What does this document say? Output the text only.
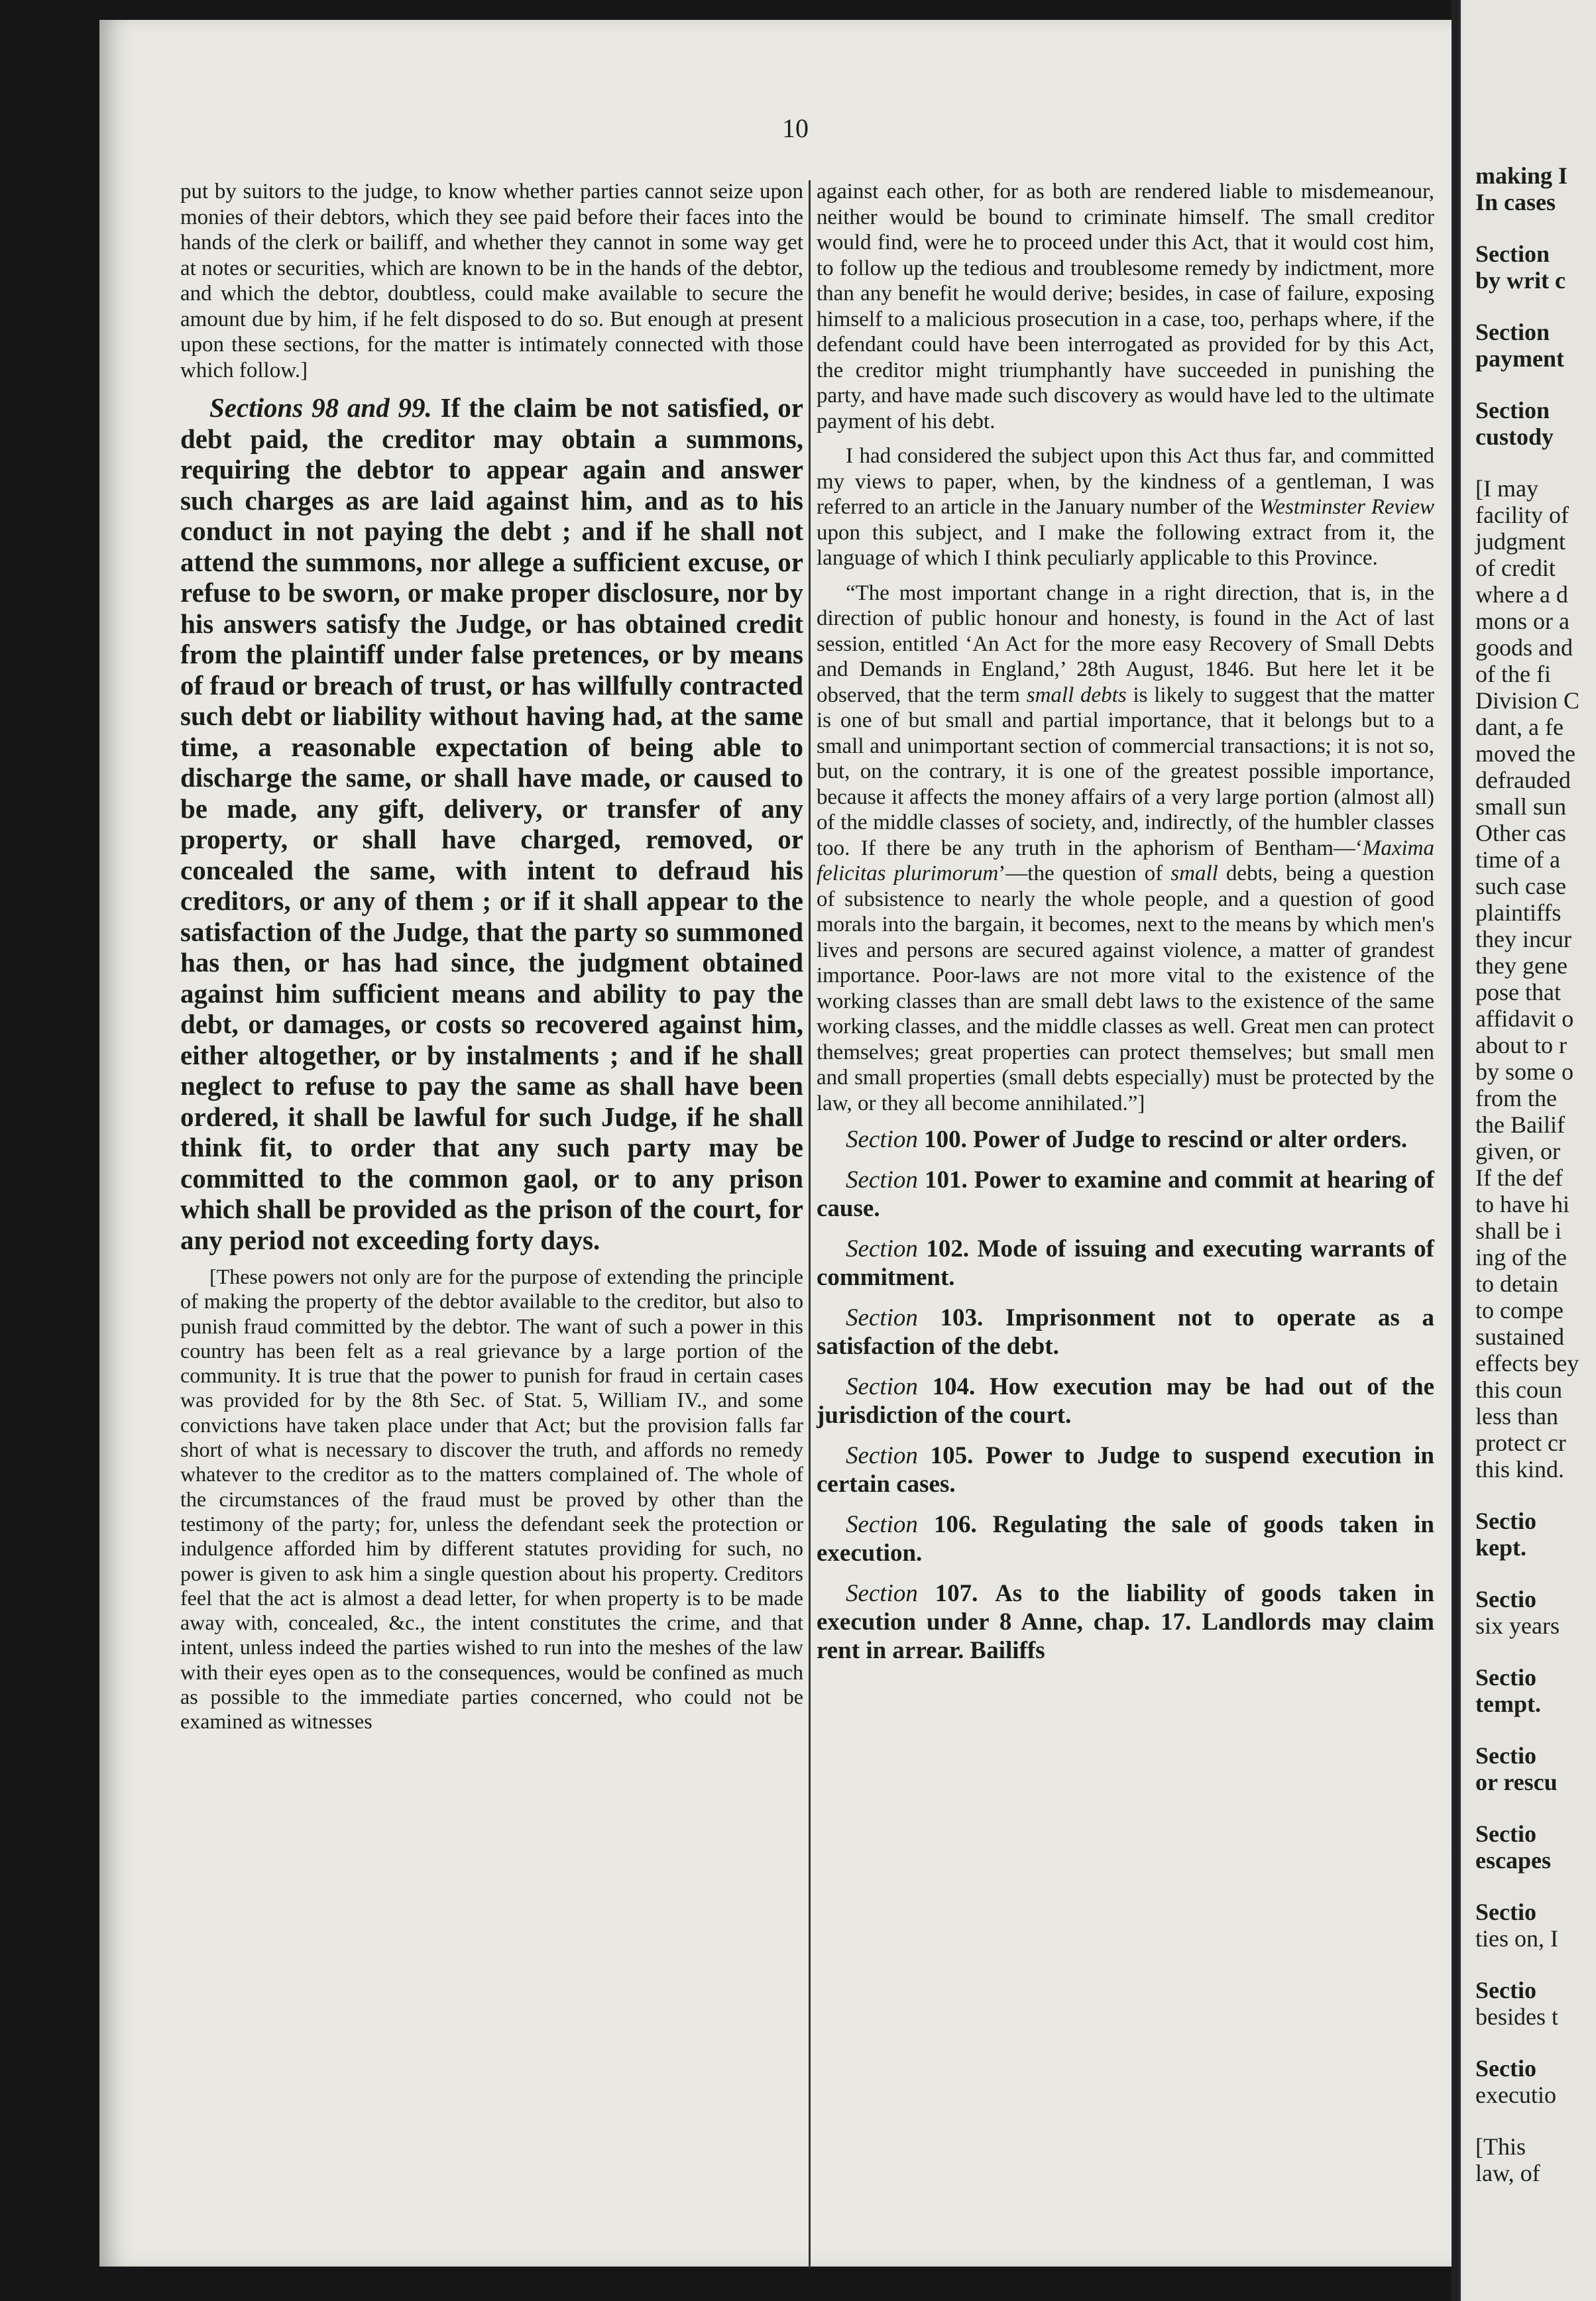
making I
In cases
Section
by writ c
Section
payment
Section
custody
[I may
facility of
judgment
of credit
where a d
mons or a
goods and
of the fi
Division C
dant, a fe
moved the
defrauded
small sun
Other cas
time of a
such case
plaintiffs
they incur
they gene
pose that
affidavit o
about to r
by some o
from the
the Bailif
given, or
If the def
to have hi
shall be i
ing of the
to detain
to compe
sustained
effects bey
this coun
less than
protect cr
this kind.
Sectio
kept.
Sectio
six years
Sectio
tempt.
Sectio
or rescu
Sectio
escapes
Sectio
ties on, I
Sectio
besides t
Sectio
executio
[This
law, of
10

put by suitors to the judge, to know whether parties cannot seize upon monies of their debtors, which they see paid before their faces into the hands of the clerk or bailiff, and whether they cannot in some way get at notes or securities, which are known to be in the hands of the debtor, and which the debtor, doubtless, could make available to secure the amount due by him, if he felt disposed to do so. But enough at present upon these sections, for the matter is intimately connected with those which follow.]

Sections 98 and 99. If the claim be not satisfied, or debt paid, the creditor may obtain a summons, requiring the debtor to appear again and answer such charges as are laid against him, and as to his conduct in not paying the debt ; and if he shall not attend the summons, nor allege a sufficient excuse, or refuse to be sworn, or make proper disclosure, nor by his answers satisfy the Judge, or has obtained credit from the plaintiff under false pretences, or by means of fraud or breach of trust, or has willfully contracted such debt or liability without having had, at the same time, a reasonable expectation of being able to discharge the same, or shall have made, or caused to be made, any gift, delivery, or transfer of any property, or shall have charged, removed, or concealed the same, with intent to defraud his creditors, or any of them ; or if it shall appear to the satisfaction of the Judge, that the party so summoned has then, or has had since, the judgment obtained against him sufficient means and ability to pay the debt, or damages, or costs so recovered against him, either altogether, or by instalments ; and if he shall neglect to refuse to pay the same as shall have been ordered, it shall be lawful for such Judge, if he shall think fit, to order that any such party may be committed to the common gaol, or to any prison which shall be provided as the prison of the court, for any period not exceeding forty days.

[These powers not only are for the purpose of extending the principle of making the property of the debtor available to the creditor, but also to punish fraud committed by the debtor. The want of such a power in this country has been felt as a real grievance by a large portion of the community. It is true that the power to punish for fraud in certain cases was provided for by the 8th Sec. of Stat. 5, William IV., and some convictions have taken place under that Act; but the provision falls far short of what is necessary to discover the truth, and affords no remedy whatever to the creditor as to the matters complained of. The whole of the circumstances of the fraud must be proved by other than the testimony of the party; for, unless the defendant seek the protection or indulgence afforded him by different statutes providing for such, no power is given to ask him a single question about his property. Creditors feel that the act is almost a dead letter, for when property is to be made away with, concealed, &c., the intent constitutes the crime, and that intent, unless indeed the parties wished to run into the meshes of the law with their eyes open as to the consequences, would be confined as much as possible to the immediate parties concerned, who could not be examined as witnesses

against each other, for as both are rendered liable to misdemeanour, neither would be bound to criminate himself. The small creditor would find, were he to proceed under this Act, that it would cost him, to follow up the tedious and troublesome remedy by indictment, more than any benefit he would derive; besides, in case of failure, exposing himself to a malicious prosecution in a case, too, perhaps where, if the defendant could have been interrogated as provided for by this Act, the creditor might triumphantly have succeeded in punishing the party, and have made such discovery as would have led to the ultimate payment of his debt.

I had considered the subject upon this Act thus far, and committed my views to paper, when, by the kindness of a gentleman, I was referred to an article in the January number of the Westminster Review upon this subject, and I make the following extract from it, the language of which I think peculiarly applicable to this Province.

“The most important change in a right direction, that is, in the direction of public honour and honesty, is found in the Act of last session, entitled ‘An Act for the more easy Recovery of Small Debts and Demands in England,’ 28th August, 1846. But here let it be observed, that the term small debts is likely to suggest that the matter is one of but small and partial importance, that it belongs but to a small and unimportant section of commercial transactions; it is not so, but, on the contrary, it is one of the greatest possible importance, because it affects the money affairs of a very large portion (almost all) of the middle classes of society, and, indirectly, of the humbler classes too. If there be any truth in the aphorism of Bentham—‘Maxima felicitas plurimorum’—the question of small debts, being a question of subsistence to nearly the whole people, and a question of good morals into the bargain, it becomes, next to the means by which men's lives and persons are secured against violence, a matter of grandest importance. Poor-laws are not more vital to the existence of the working classes than are small debt laws to the existence of the same working classes, and the middle classes as well. Great men can protect themselves; great properties can protect themselves; but small men and small properties (small debts especially) must be protected by the law, or they all become annihilated.”]

Section 100. Power of Judge to rescind or alter orders.

Section 101. Power to examine and commit at hearing of cause.

Section 102. Mode of issuing and executing warrants of commitment.

Section 103. Imprisonment not to operate as a satisfaction of the debt.

Section 104. How execution may be had out of the jurisdiction of the court.

Section 105. Power to Judge to suspend execution in certain cases.

Section 106. Regulating the sale of goods taken in execution.

Section 107. As to the liability of goods taken in execution under 8 Anne, chap. 17. Landlords may claim rent in arrear. Bailiffs
